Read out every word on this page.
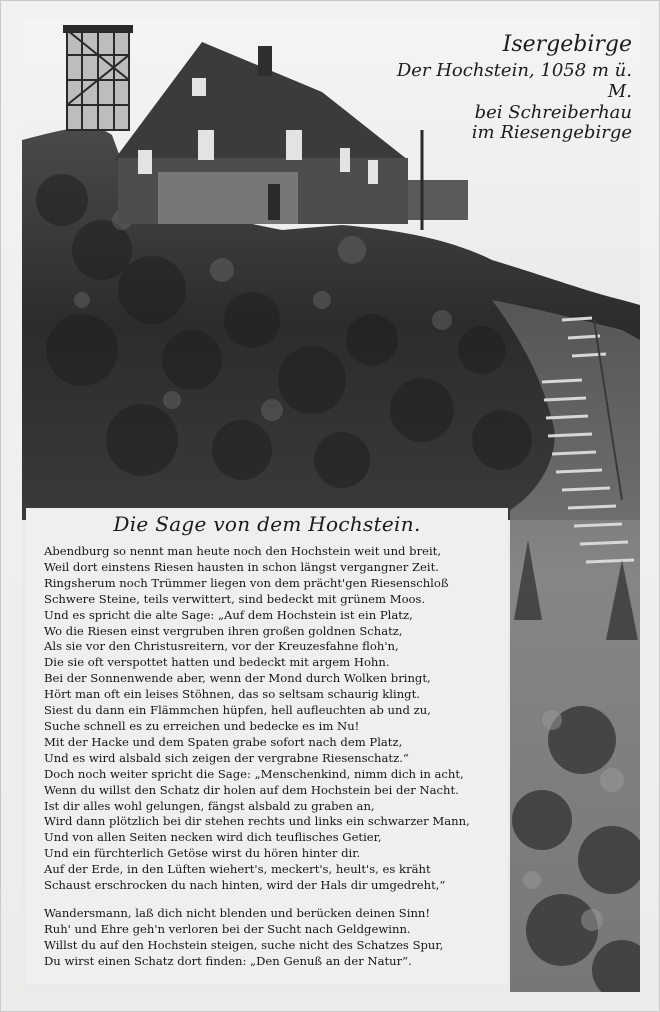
Isergebirge
Der Hochstein, 1058 m ü. M.
bei Schreiberhau
im Riesengebirge
Die Sage von dem Hochstein.
Abendburg so nennt man heute noch den Hochstein weit und breit,
Weil dort einstens Riesen hausten in schon längst vergangner Zeit.
Ringsherum noch Trümmer liegen von dem prächt'gen Riesenschloß
Schwere Steine, teils verwittert, sind bedeckt mit grünem Moos.
Und es spricht die alte Sage: „Auf dem Hochstein ist ein Platz,
Wo die Riesen einst vergruben ihren großen goldnen Schatz,
Als sie vor den Christusreitern, vor der Kreuzesfahne floh'n,
Die sie oft verspottet hatten und bedeckt mit argem Hohn.
Bei der Sonnenwende aber, wenn der Mond durch Wolken bringt,
Hört man oft ein leises Stöhnen, das so seltsam schaurig klingt.
Siest du dann ein Flämmchen hüpfen, hell aufleuchten ab und zu,
Suche schnell es zu erreichen und bedecke es im Nu!
Mit der Hacke und dem Spaten grabe sofort nach dem Platz,
Und es wird alsbald sich zeigen der vergrabne Riesenschatz.“
Doch noch weiter spricht die Sage: „Menschenkind, nimm dich in acht,
Wenn du willst den Schatz dir holen auf dem Hochstein bei der Nacht.
Ist dir alles wohl gelungen, fängst alsbald zu graben an,
Wird dann plötzlich bei dir stehen rechts und links ein schwarzer Mann,
Und von allen Seiten necken wird dich teuflisches Getier,
Und ein fürchterlich Getöse wirst du hören hinter dir.
Auf der Erde, in den Lüften wiehert's, meckert's, heult's, es kräht
Schaust erschrocken du nach hinten, wird der Hals dir umgedreht,“
Wandersmann, laß dich nicht blenden und berücken deinen Sinn!
Ruh' und Ehre geh'n verloren bei der Sucht nach Geldgewinn.
Willst du auf den Hochstein steigen, suche nicht des Schatzes Spur,
Du wirst einen Schatz dort finden: „Den Genuß an der Natur“.
